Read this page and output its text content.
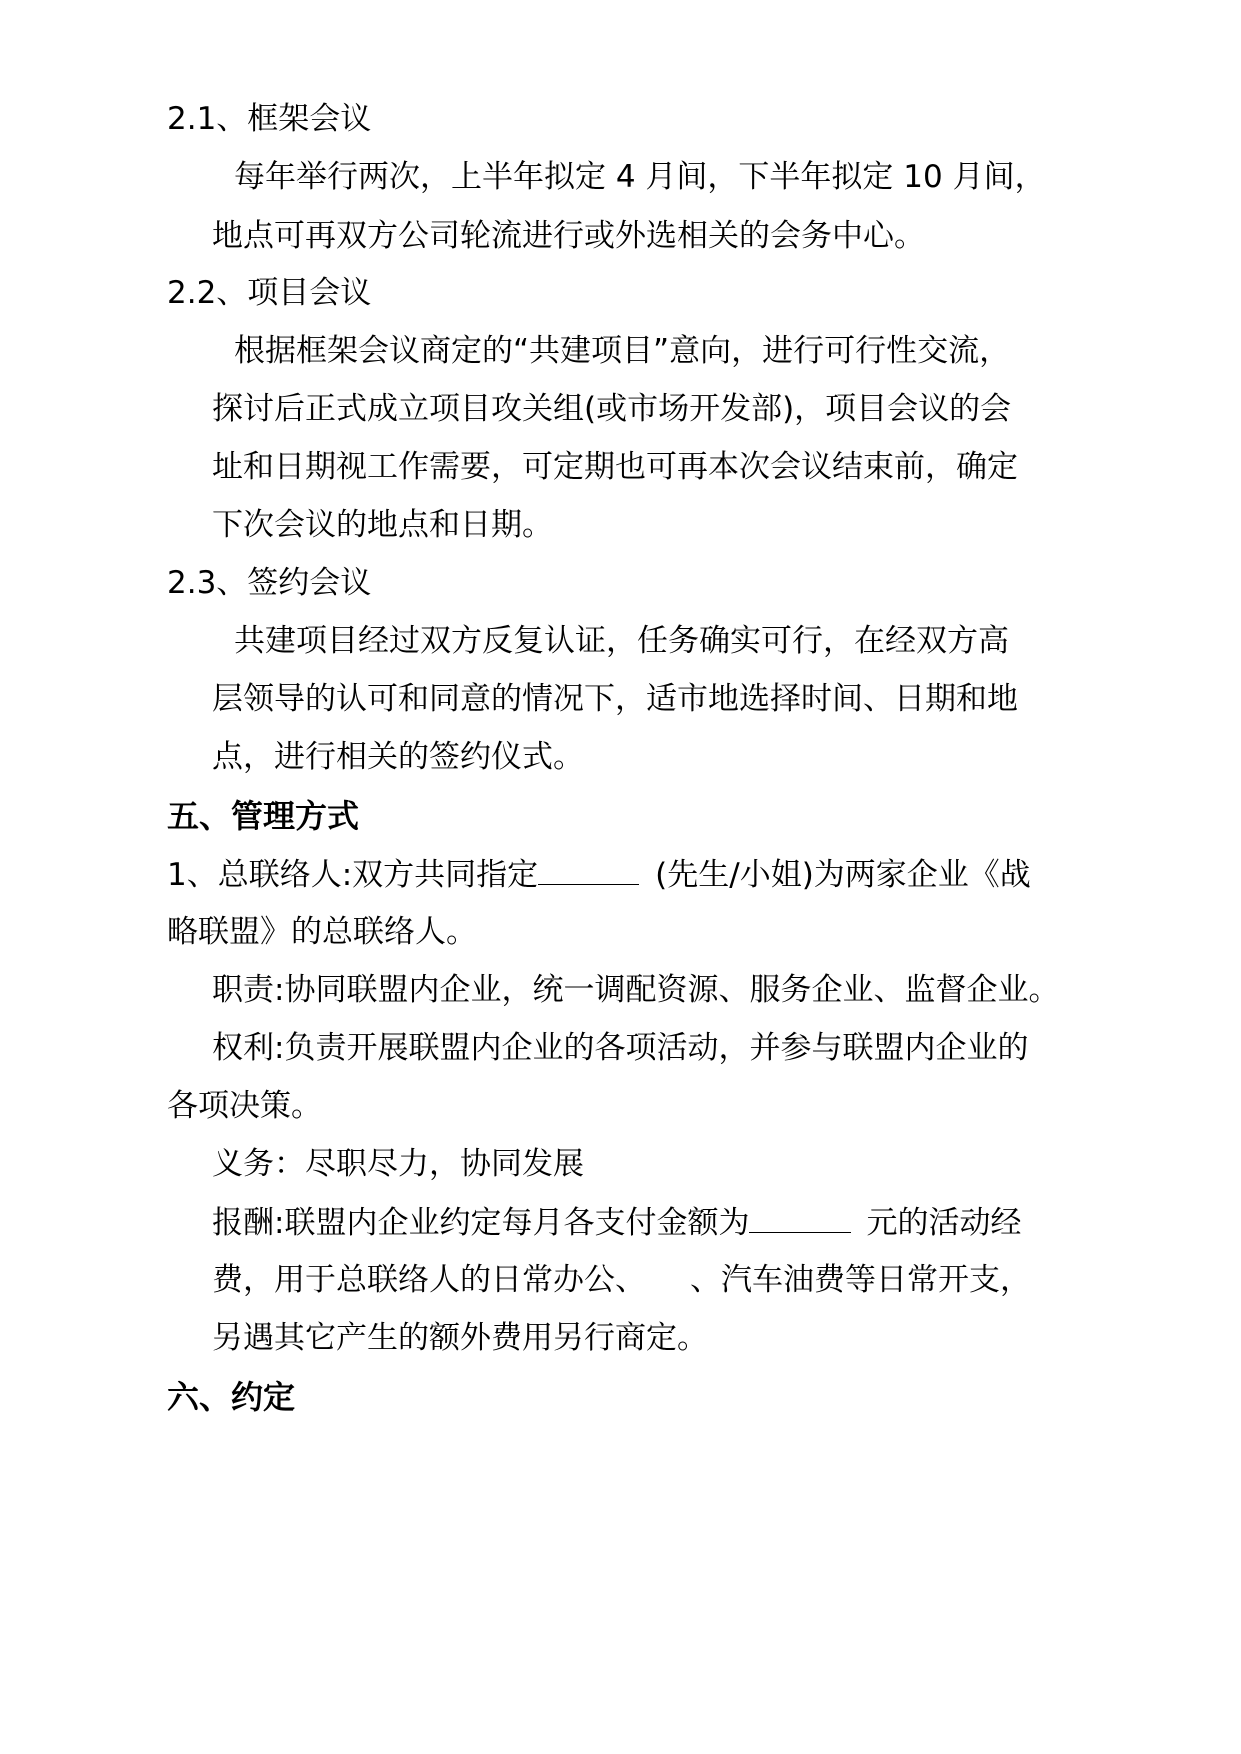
2.1、框架会议
每年举行两次，上半年拟定 4 月间，下半年拟定 10 月间，
地点可再双方公司轮流进行或外选相关的会务中心。
2.2、项目会议
根据框架会议商定的“共建项目”意向，进行可行性交流，
探讨后正式成立项目攻关组(或市场开发部)，项目会议的会
址和日期视工作需要，可定期也可再本次会议结束前，确定
下次会议的地点和日期。
2.3、签约会议
共建项目经过双方反复认证，任务确实可行，在经双方高
层领导的认可和同意的情况下，适市地选择时间、日期和地
点，进行相关的签约仪式。
五、管理方式
1、总联络人:双方共同指定	(先生/小姐)为两家企业《战
略联盟》的总联络人。
职责:协同联盟内企业，统一调配资源、服务企业、监督企业。
权利:负责开展联盟内企业的各项活动，并参与联盟内企业的
各项决策。
义务：尽职尽力，协同发展
报酬:联盟内企业约定每月各支付金额为	元的活动经
费，用于总联络人的日常办公、 、汽车油费等日常开支，
另遇其它产生的额外费用另行商定。
六、约定
